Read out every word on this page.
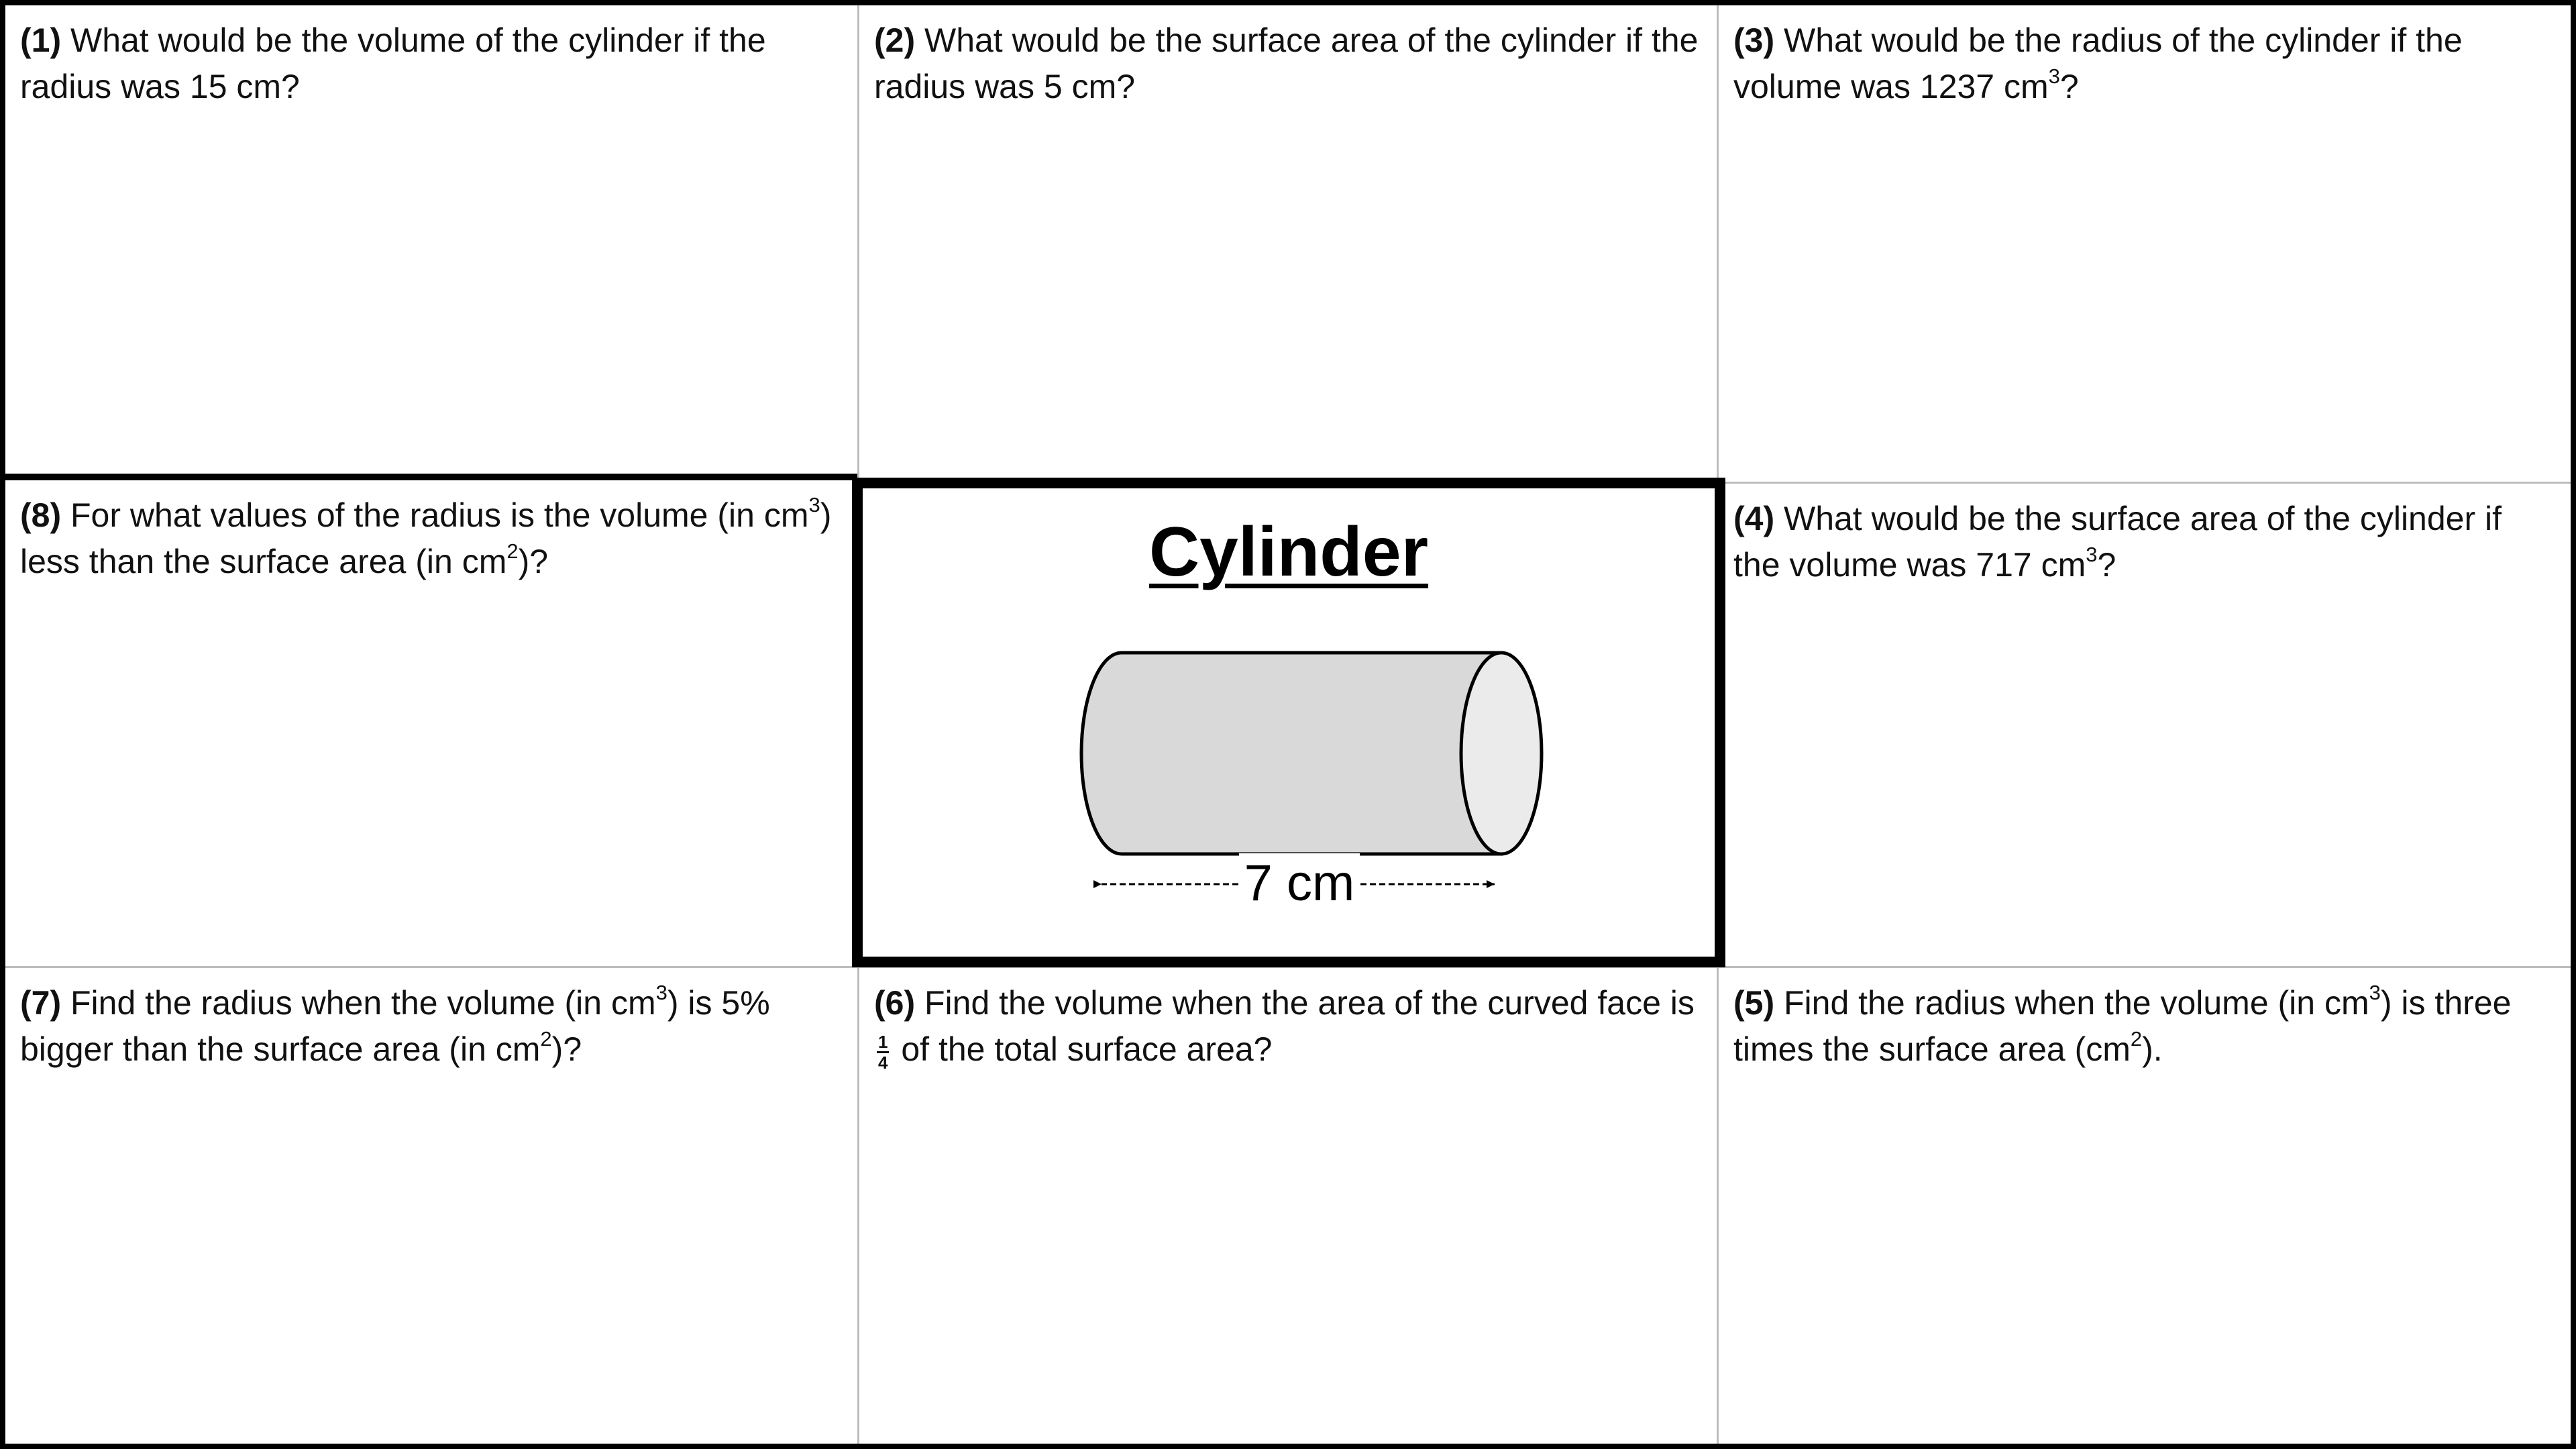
(1) What would be the volume of the cylinder if the radius was 15 cm?

(2) What would be the surface area of the cylinder if the radius was 5 cm?

(3) What would be the radius of the cylinder if the volume was 1237 $cm^3$?

(8) For what values of the radius is the volume (in $cm^3$) less than the surface area (in $cm^2$)?	Cylinder
7 cm

(4) What would be the surface area of the cylinder if the volume was 717 $cm^3$?

(7) Find the radius when the volume (in $cm^3$) is 5% bigger than the surface area (in $cm^2$)?

(6) Find the volume when the area of the curved face is
$\frac{1}{4}$ of the total surface area?

(5) Find the radius when the volume (in $cm^3$) is three times the surface area $(cm^2)$.
